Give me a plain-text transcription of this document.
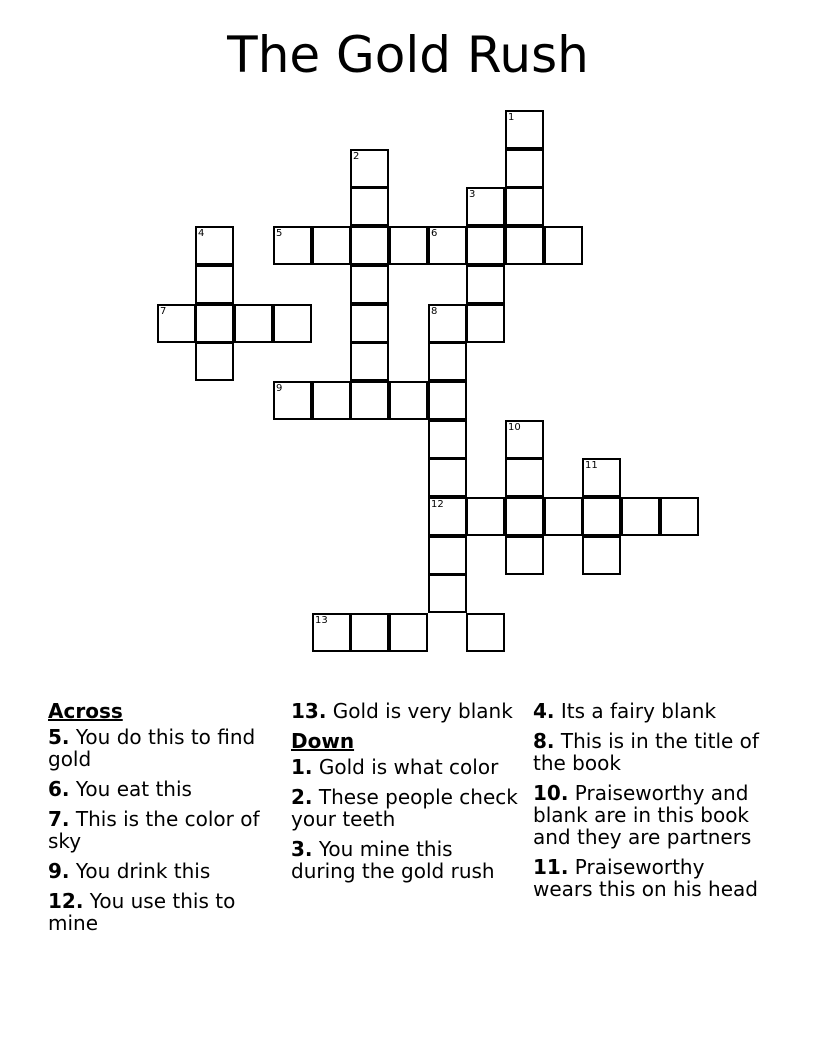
The Gold Rush
1
2
3
4	5	6
7	8
9
10
11
12
13
Across
5. You do this to find gold
6. You eat this
7. This is the color of sky
9. You drink this
12. You use this to mine
13. Gold is very blank
Down
1. Gold is what color
2. These people check your teeth
3. You mine this during the gold rush
4. Its a fairy blank
8. This is in the title of the book
10. Praiseworthy and blank are in this book and they are partners
11. Praiseworthy wears this on his head
